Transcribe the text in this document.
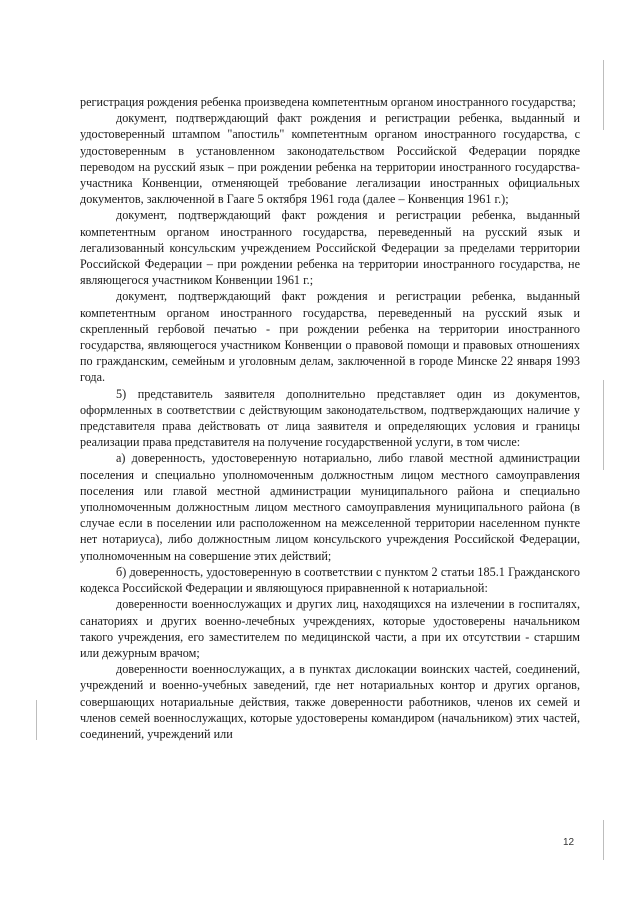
регистрация рождения ребенка произведена компетентным органом иностранного государства;

документ, подтверждающий факт рождения и регистрации ребенка, выданный и удостоверенный штампом "апостиль" компетентным органом иностранного государства, с удостоверенным в установленном законодательством Российской Федерации порядке переводом на русский язык – при рождении ребенка на территории иностранного государства-участника Конвенции, отменяющей требование легализации иностранных официальных документов, заключенной в Гааге 5 октября 1961 года (далее – Конвенция 1961 г.);

документ, подтверждающий факт рождения и регистрации ребенка, выданный компетентным органом иностранного государства, переведенный на русский язык и легализованный консульским учреждением Российской Федерации за пределами территории Российской Федерации – при рождении ребенка на территории иностранного государства, не являющегося участником Конвенции 1961 г.;

документ, подтверждающий факт рождения и регистрации ребенка, выданный компетентным органом иностранного государства, переведенный на русский язык и скрепленный гербовой печатью - при рождении ребенка на территории иностранного государства, являющегося участником Конвенции о правовой помощи и правовых отношениях по гражданским, семейным и уголовным делам, заключенной в городе Минске 22 января 1993 года.

5) представитель заявителя дополнительно представляет один из документов, оформленных в соответствии с действующим законодательством, подтверждающих наличие у представителя права действовать от лица заявителя и определяющих условия и границы реализации права представителя на получение государственной услуги, в том числе:

а) доверенность, удостоверенную нотариально, либо главой местной администрации поселения и специально уполномоченным должностным лицом местного самоуправления поселения или главой местной администрации муниципального района и специально уполномоченным должностным лицом местного самоуправления муниципального района (в случае если в поселении или расположенном на межселенной территории населенном пункте нет нотариуса), либо должностным лицом консульского учреждения Российской Федерации, уполномоченным на совершение этих действий;

б) доверенность, удостоверенную в соответствии с пунктом 2 статьи 185.1 Гражданского кодекса Российской Федерации и являющуюся приравненной к нотариальной:

доверенности военнослужащих и других лиц, находящихся на излечении в госпиталях, санаториях и других военно-лечебных учреждениях, которые удостоверены начальником такого учреждения, его заместителем по медицинской части, а при их отсутствии - старшим или дежурным врачом;

доверенности военнослужащих, а в пунктах дислокации воинских частей, соединений, учреждений и военно-учебных заведений, где нет нотариальных контор и других органов, совершающих нотариальные действия, также доверенности работников, членов их семей и членов семей военнослужащих, которые удостоверены командиром (начальником) этих частей, соединений, учреждений или

12
